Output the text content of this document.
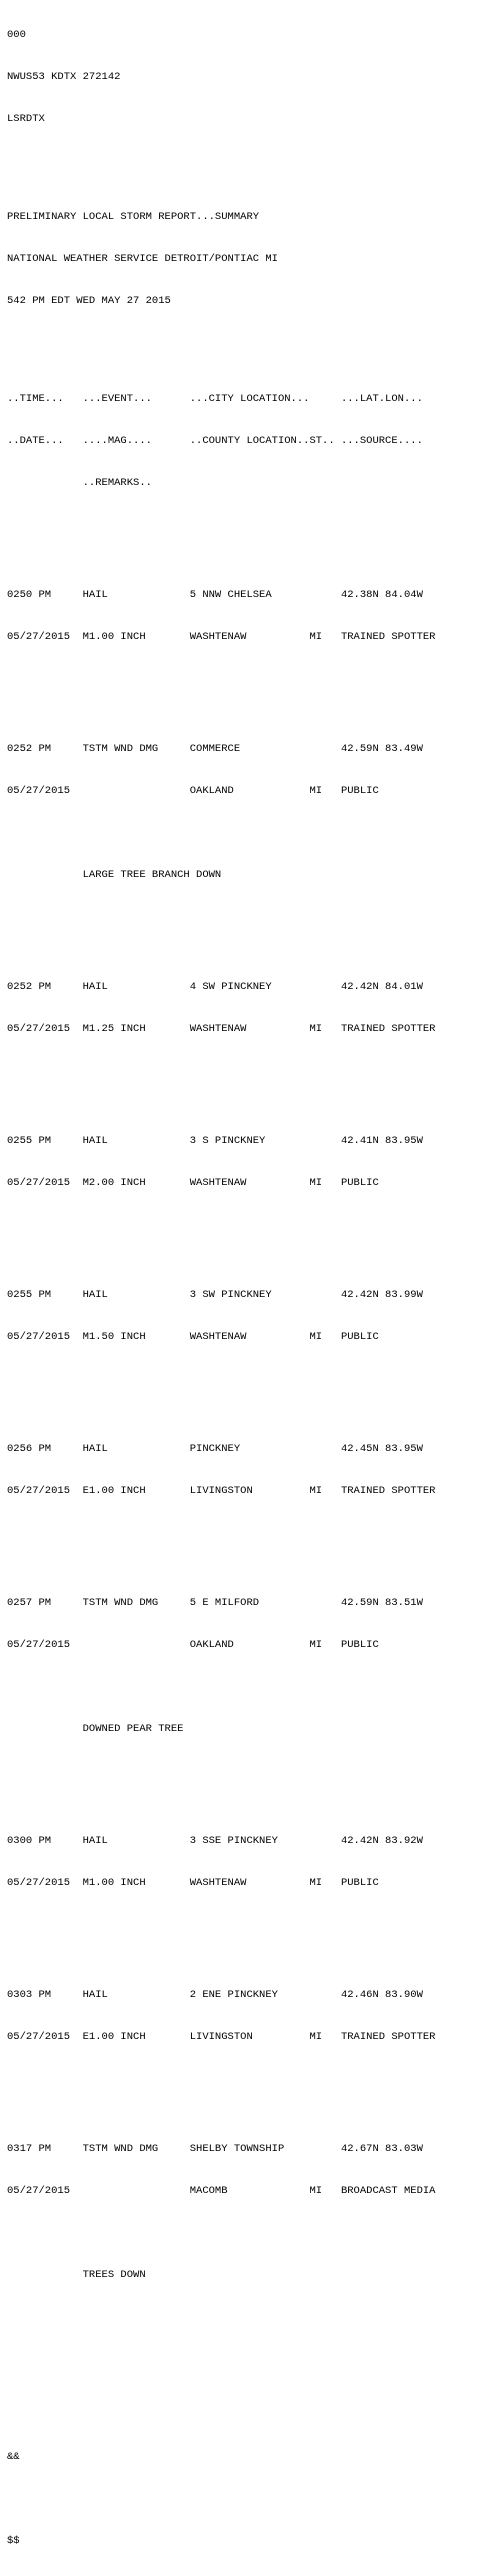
000

NWUS53 KDTX 272142

LSRDTX

PRELIMINARY LOCAL STORM REPORT...SUMMARY

NATIONAL WEATHER SERVICE DETROIT/PONTIAC MI

542 PM EDT WED MAY 27 2015

..TIME...   ...EVENT...      ...CITY LOCATION...     ...LAT.LON...

..DATE...   ....MAG....      ..COUNTY LOCATION..ST.. ...SOURCE....

..REMARKS..

0250 PM     HAIL             5 NNW CHELSEA           42.38N 84.04W

05/27/2015  M1.00 INCH       WASHTENAW          MI   TRAINED SPOTTER

0252 PM     TSTM WND DMG     COMMERCE                42.59N 83.49W

05/27/2015                   OAKLAND            MI   PUBLIC

LARGE TREE BRANCH DOWN

0252 PM     HAIL             4 SW PINCKNEY           42.42N 84.01W

05/27/2015  M1.25 INCH       WASHTENAW          MI   TRAINED SPOTTER

0255 PM     HAIL             3 S PINCKNEY            42.41N 83.95W

05/27/2015  M2.00 INCH       WASHTENAW          MI   PUBLIC

0255 PM     HAIL             3 SW PINCKNEY           42.42N 83.99W

05/27/2015  M1.50 INCH       WASHTENAW          MI   PUBLIC

0256 PM     HAIL             PINCKNEY                42.45N 83.95W

05/27/2015  E1.00 INCH       LIVINGSTON         MI   TRAINED SPOTTER

0257 PM     TSTM WND DMG     5 E MILFORD             42.59N 83.51W

05/27/2015                   OAKLAND            MI   PUBLIC

DOWNED PEAR TREE

0300 PM     HAIL             3 SSE PINCKNEY          42.42N 83.92W

05/27/2015  M1.00 INCH       WASHTENAW          MI   PUBLIC

0303 PM     HAIL             2 ENE PINCKNEY          42.46N 83.90W

05/27/2015  E1.00 INCH       LIVINGSTON         MI   TRAINED SPOTTER

0317 PM     TSTM WND DMG     SHELBY TOWNSHIP         42.67N 83.03W

05/27/2015                   MACOMB             MI   BROADCAST MEDIA

TREES DOWN

&&

$$
